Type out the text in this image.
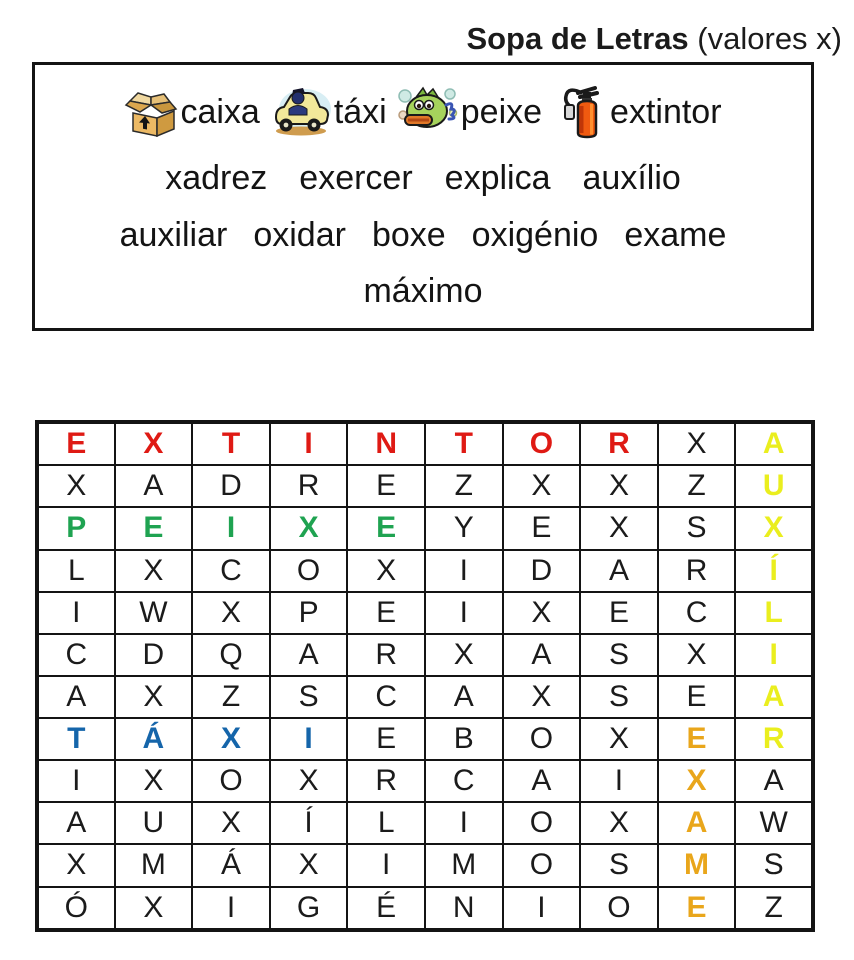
Sopa de Letras (valores x)
caixa táxi peixe extintor
xadrez exercer explica auxílio
auxiliar oxidar boxe oxigénio exame
máximo
E	X	T	I	N	T	O	R	X	A
X	A	D	R	E	Z	X	X	Z	U
P	E	I	X	E	Y	E	X	S	X
L	X	C	O	X	I	D	A	R	Í
I	W	X	P	E	I	X	E	C	L
C	D	Q	A	R	X	A	S	X	I
A	X	Z	S	C	A	X	S	E	A
T	Á	X	I	E	B	O	X	E	R
I	X	O	X	R	C	A	I	X	A
A	U	X	Í	L	I	O	X	A	W
X	M	Á	X	I	M	O	S	M	S
Ó	X	I	G	É	N	I	O	E	Z
